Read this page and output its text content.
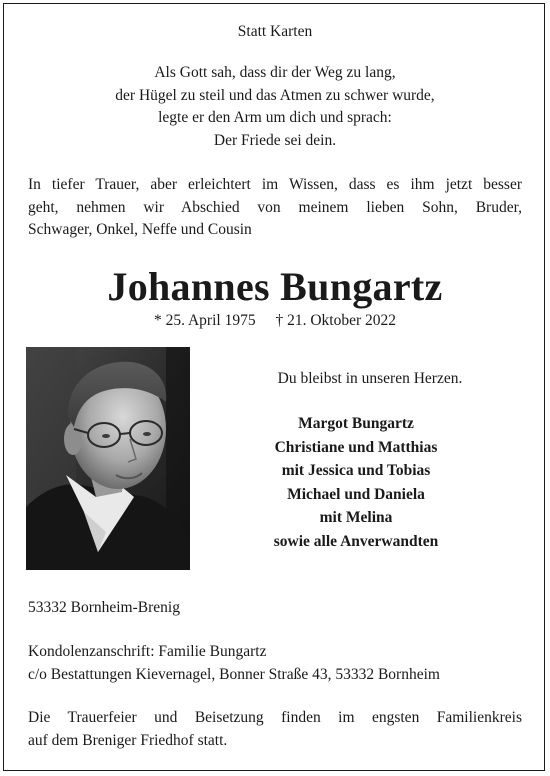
Statt Karten
Als Gott sah, dass dir der Weg zu lang,
der Hügel zu steil und das Atmen zu schwer wurde,
legte er den Arm um dich und sprach:
Der Friede sei dein.
In tiefer Trauer, aber erleichtert im Wissen, dass es ihm jetzt besser
geht, nehmen wir Abschied von meinem lieben Sohn, Bruder,
Schwager, Onkel, Neffe und Cousin
Johannes Bungartz
* 25. April 1975 † 21. Oktober 2022
Du bleibst in unseren Herzen.
Margot Bungartz
Christiane und Matthias
mit Jessica und Tobias
Michael und Daniela
mit Melina
sowie alle Anverwandten
53332 Bornheim-Brenig
Kondolenzanschrift: Familie Bungartz
c/o Bestattungen Kievernagel, Bonner Straße 43, 53332 Bornheim
Die Trauerfeier und Beisetzung finden im engsten Familienkreis
auf dem Breniger Friedhof statt.
